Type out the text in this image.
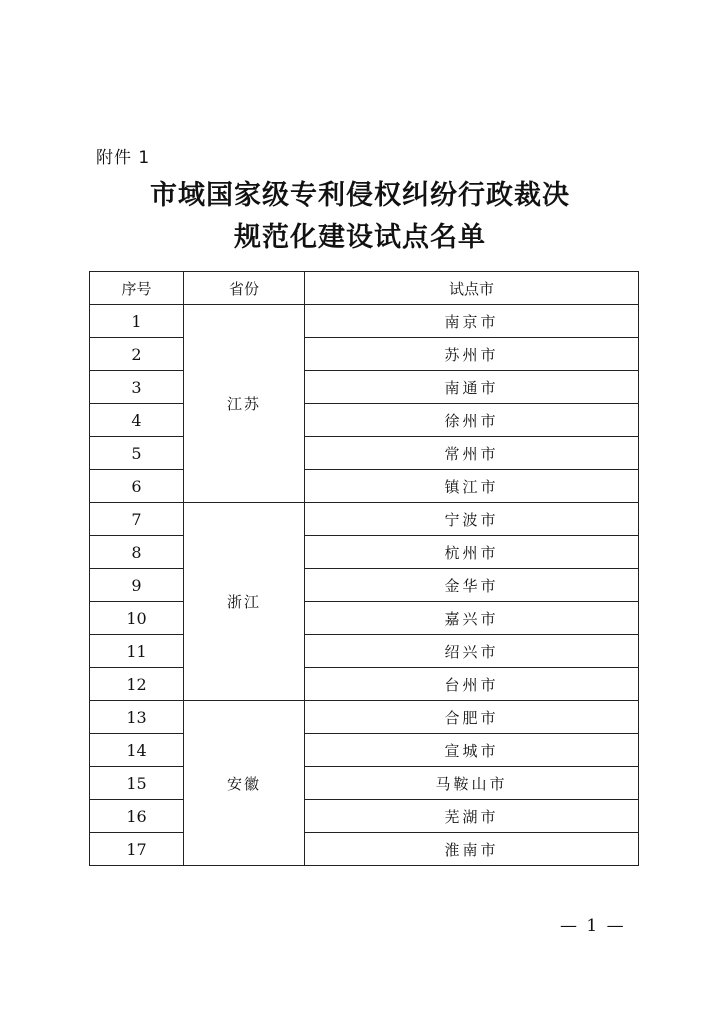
附件 1
市域国家级专利侵权纠纷行政裁决
规范化建设试点名单
序号	省份	试点市
1	江苏	南京市
2		苏州市
3		南通市
4		徐州市
5		常州市
6		镇江市
7	浙江	宁波市
8		杭州市
9		金华市
10		嘉兴市
11		绍兴市
12		台州市
13	安徽	合肥市
14		宣城市
15		马鞍山市
16		芜湖市
17		淮南市
— 1 —
